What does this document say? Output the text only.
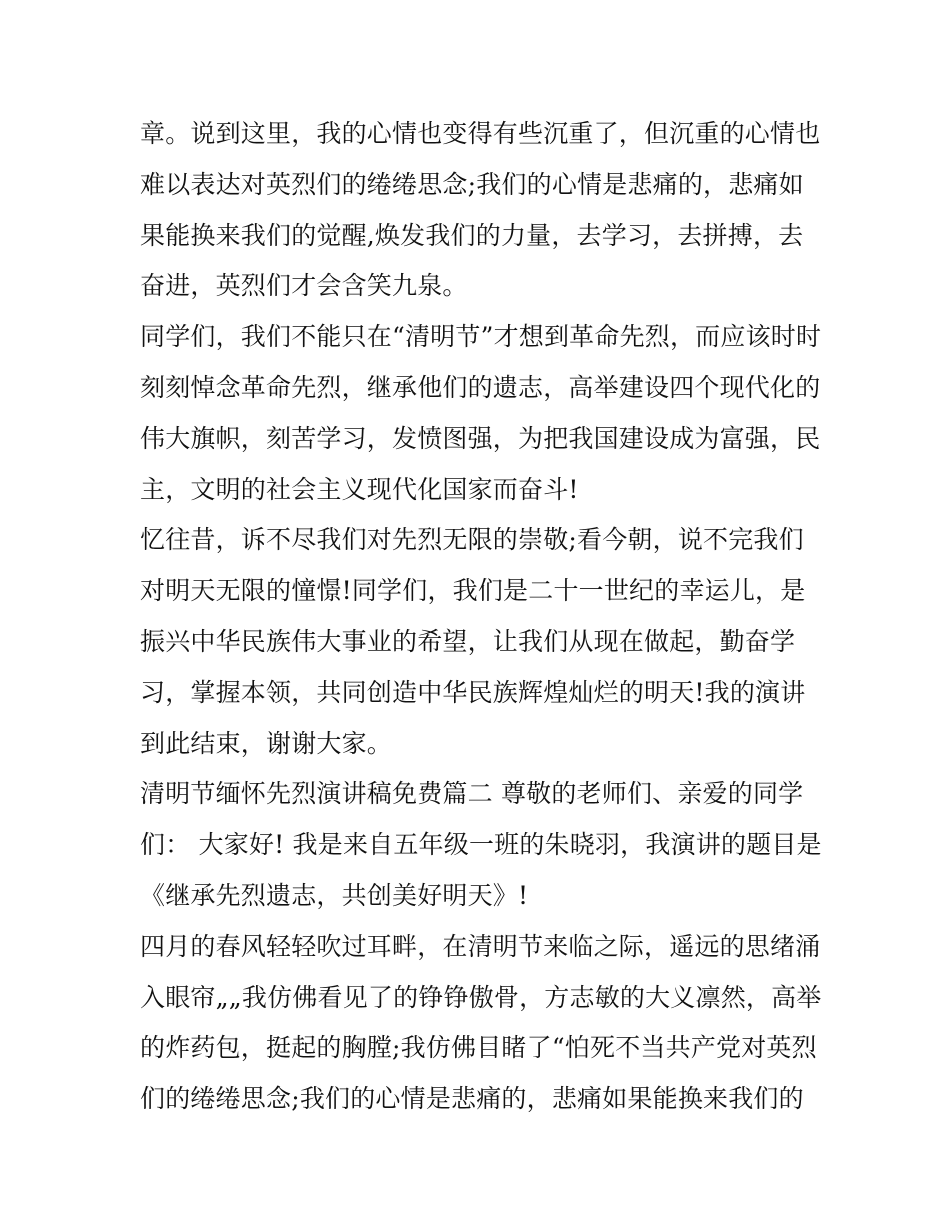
章。说到这里，我的心情也变得有些沉重了，但沉重的心情也
难以表达对英烈们的绻绻思念;我们的心情是悲痛的，悲痛如
果能换来我们的觉醒,焕发我们的力量，去学习，去拼搏，去
奋进，英烈们才会含笑九泉。
同学们，我们不能只在“清明节”才想到革命先烈，而应该时时
刻刻悼念革命先烈，继承他们的遗志，高举建设四个现代化的
伟大旗帜，刻苦学习，发愤图强，为把我国建设成为富强，民
主，文明的社会主义现代化国家而奋斗!
忆往昔，诉不尽我们对先烈无限的崇敬;看今朝，说不完我们
对明天无限的憧憬!同学们，我们是二十一世纪的幸运儿，是
振兴中华民族伟大事业的希望，让我们从现在做起，勤奋学
习，掌握本领，共同创造中华民族辉煌灿烂的明天!我的演讲
到此结束，谢谢大家。
清明节缅怀先烈演讲稿免费篇二 尊敬的老师们、亲爱的同学
们： 大家好! 我是来自五年级一班的朱晓羽，我演讲的题目是
《继承先烈遗志，共创美好明天》!
四月的春风轻轻吹过耳畔，在清明节来临之际，遥远的思绪涌
入眼帘„„我仿佛看见了的铮铮傲骨，方志敏的大义凛然，高举
的炸药包，挺起的胸膛;我仿佛目睹了“怕死不当共产党对英烈
们的绻绻思念;我们的心情是悲痛的，悲痛如果能换来我们的
